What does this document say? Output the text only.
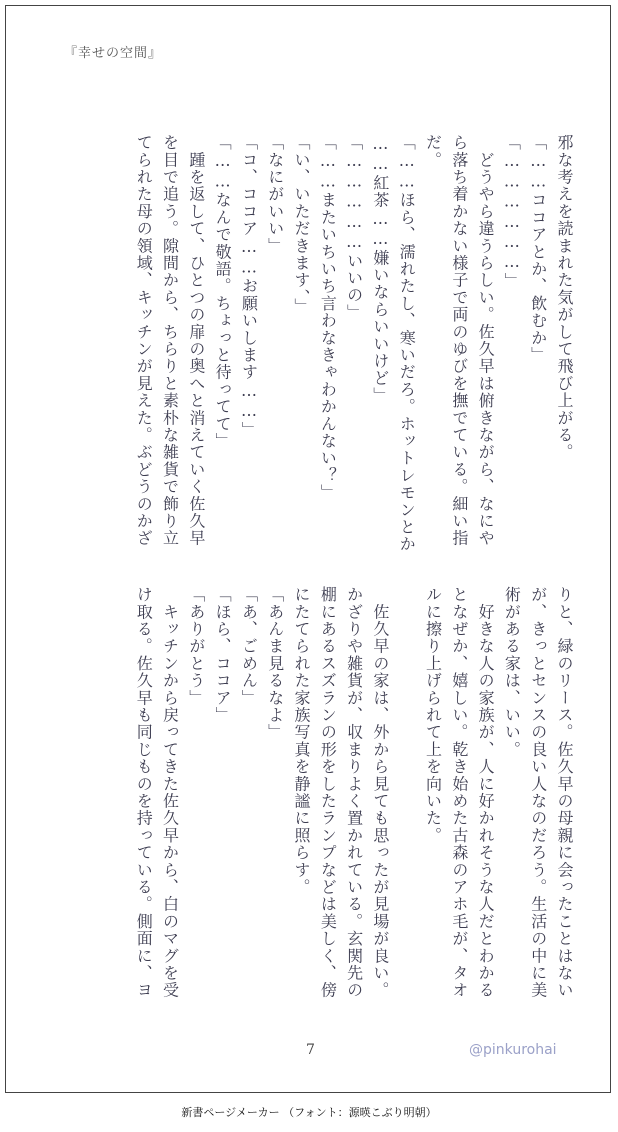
『幸せの空間』
邪な考えを読まれた気がして飛び上がる。
「……ココアとか、飲むか」
「………………」
　どうやら違うらしい。佐久早は俯きながら、なにや
ら落ち着かない様子で両のゆびを撫でている。細い指
だ。
「……ほら、濡れたし、寒いだろ。ホットレモンとか
……紅茶……嫌いならいいけど」
「……………いいの」
「……またいちいち言わなきゃわかんない？」
「い、いただきます、」
「なにがいい」
「コ、ココア……お願いします……」
「……なんで敬語。ちょっと待ってて」
　踵を返して、ひとつの扉の奥へと消えていく佐久早
を目で追う。隙間から、ちらりと素朴な雑貨で飾り立
てられた母の領域、キッチンが見えた。ぶどうのかざ
りと、緑のリース。佐久早の母親に会ったことはない
が、きっとセンスの良い人なのだろう。生活の中に美
術がある家は、いい。
　好きな人の家族が、人に好かれそうな人だとわかる
となぜか、嬉しい。乾き始めた古森のアホ毛が、タオ
ルに擦り上げられて上を向いた。
　佐久早の家は、外から見ても思ったが見場が良い。
かざりや雑貨が、収まりよく置かれている。玄関先の
棚にあるスズランの形をしたランプなどは美しく、傍
にたてられた家族写真を静謐に照らす。
「あんま見るなよ」
「あ、ごめん」
「ほら、ココア」
「ありがとう」
　キッチンから戻ってきた佐久早から、白のマグを受
け取る。佐久早も同じものを持っている。側面に、ヨ
7	@pinkurohai
新書ページメーカー （フォント：源暎こぶり明朝）
